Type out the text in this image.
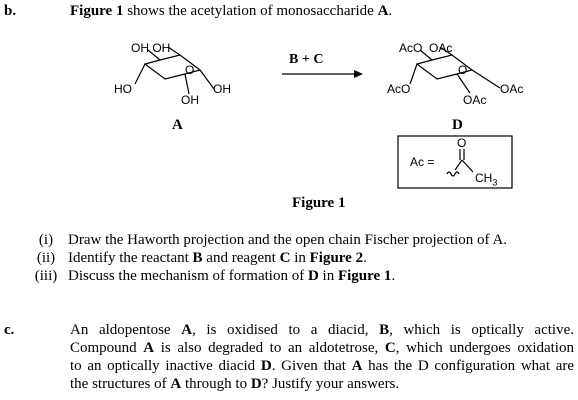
b.	Figure 1 shows the acetylation of monosaccharide A.
OH OH
O
HO	OH
OH
A
B + C
AcO  OAc
O
AcO	OAc
OAc
D
Ac =
O
$CH_3$
Figure 1
(i) Draw the Haworth projection and the open chain Fischer projection of A.
(ii) Identify the reactant B and reagent C in Figure 2.
(iii) Discuss the mechanism of formation of D in Figure 1.
c.	An aldopentose A, is oxidised to a diacid, B, which is optically active.
Compound A is also degraded to an aldotetrose, C, which undergoes oxidation
to an optically inactive diacid D. Given that A has the D configuration what are
the structures of A through to D? Justify your answers.
